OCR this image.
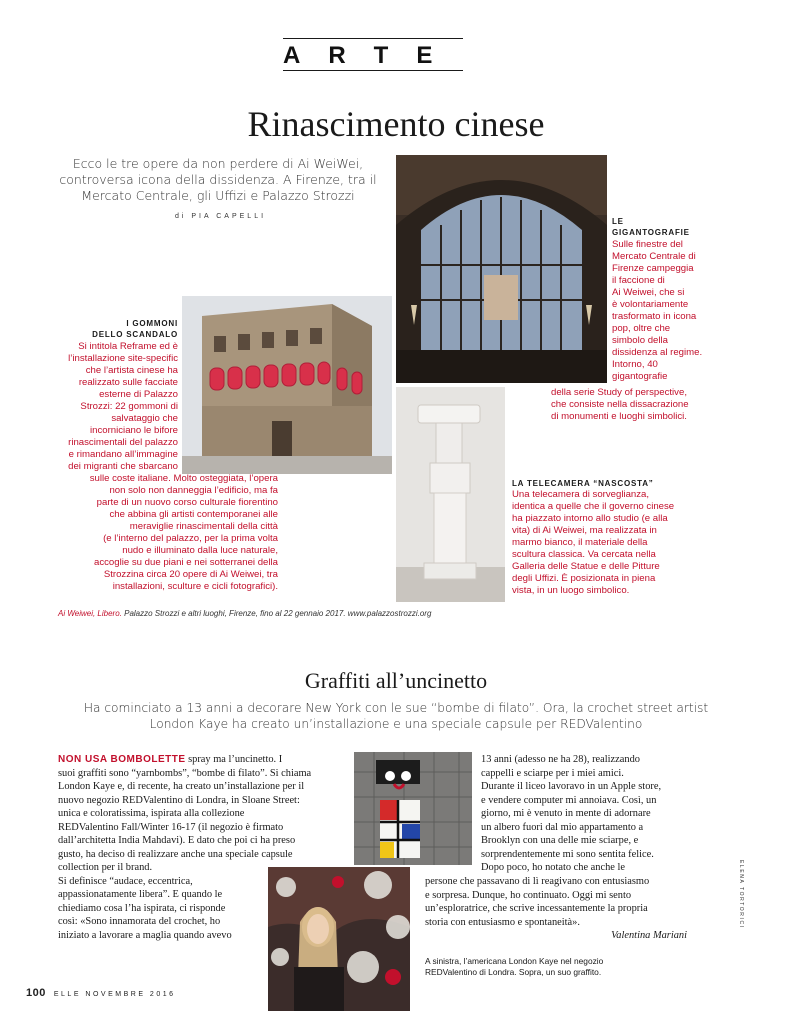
ARTE
Rinascimento cinese
Ecco le tre opere da non perdere di Ai WeiWei, controversa icona della dissidenza. A Firenze, tra il Mercato Centrale, gli Uffizi e Palazzo Strozzi
di PIA CAPELLI
I GOMMONI
DELLO SCANDALO
Si intitola Reframe ed è
l’installazione site-specific
che l’artista cinese ha
realizzato sulle facciate
esterne di Palazzo
Strozzi: 22 gommoni di
salvataggio che
incorniciano le bifore
rinascimentali del palazzo
e rimandano all’immagine
dei migranti che sbarcano
sulle coste italiane. Molto osteggiata, l’opera
non solo non danneggia l’edificio, ma fa
parte di un nuovo corso culturale fiorentino
che abbina gli artisti contemporanei alle
meraviglie rinascimentali della città
(e l’interno del palazzo, per la prima volta
nudo e illuminato dalla luce naturale,
accoglie su due piani e nei sotterranei della
Strozzina circa 20 opere di Ai Weiwei, tra
installazioni, sculture e cicli fotografici).
LE
GIGANTOGRAFIE
Sulle finestre del
Mercato Centrale di
Firenze campeggia
il faccione di
Ai Weiwei, che si
è volontariamente
trasformato in icona
pop, oltre che
simbolo della
dissidenza al regime.
Intorno, 40
gigantografie
della serie Study of perspective,
che consiste nella dissacrazione
di monumenti e luoghi simbolici.
LA TELECAMERA “NASCOSTA”
Una telecamera di sorveglianza,
identica a quelle che il governo cinese
ha piazzato intorno allo studio (e alla
vita) di Ai Weiwei, ma realizzata in
marmo bianco, il materiale della
scultura classica. Va cercata nella
Galleria delle Statue e delle Pitture
degli Uffizi. È posizionata in piena
vista, in un luogo simbolico.
Ai Weiwei, Libero. Palazzo Strozzi e altri luoghi, Firenze, fino al 22 gennaio 2017. www.palazzostrozzi.org
Graffiti all’uncinetto
Ha cominciato a 13 anni a decorare New York con le sue “bombe di filato”. Ora, la crochet street artist
London Kaye ha creato un’installazione e una speciale capsule per REDValentino
NON USA BOMBOLETTE spray ma l’uncinetto. I
suoi graffiti sono “yarnbombs”, “bombe di filato”. Si chiama
London Kaye e, di recente, ha creato un’installazione per il
nuovo negozio REDValentino di Londra, in Sloane Street:
unica e coloratissima, ispirata alla collezione
REDValentino Fall/Winter 16-17 (il negozio è firmato
dall’architetta India Mahdavi). E dato che poi ci ha preso
gusto, ha deciso di realizzare anche una speciale capsule
collection per il brand.
Si definisce “audace, eccentrica,
appassionatamente libera”. E quando le
chiediamo cosa l’ha ispirata, ci risponde
così: «Sono innamorata del crochet, ho
iniziato a lavorare a maglia quando avevo
13 anni (adesso ne ha 28), realizzando
cappelli e sciarpe per i miei amici.
Durante il liceo lavoravo in un Apple store,
e vendere computer mi annoiava. Così, un
giorno, mi è venuto in mente di adornare
un albero fuori dal mio appartamento a
Brooklyn con una delle mie sciarpe, e
sorprendentemente mi sono sentita felice.
Dopo poco, ho notato che anche le
persone che passavano di lì reagivano con entusiasmo
e sorpresa. Dunque, ho continuato. Oggi mi sento
un’esploratrice, che scrive incessantemente la propria
storia con entusiasmo e spontaneità».
Valentina Mariani
A sinistra, l’americana London Kaye nel negozio
REDValentino di Londra. Sopra, un suo graffito.
ELENA TORTORICI
100 ELLE NOVEMBRE 2016
